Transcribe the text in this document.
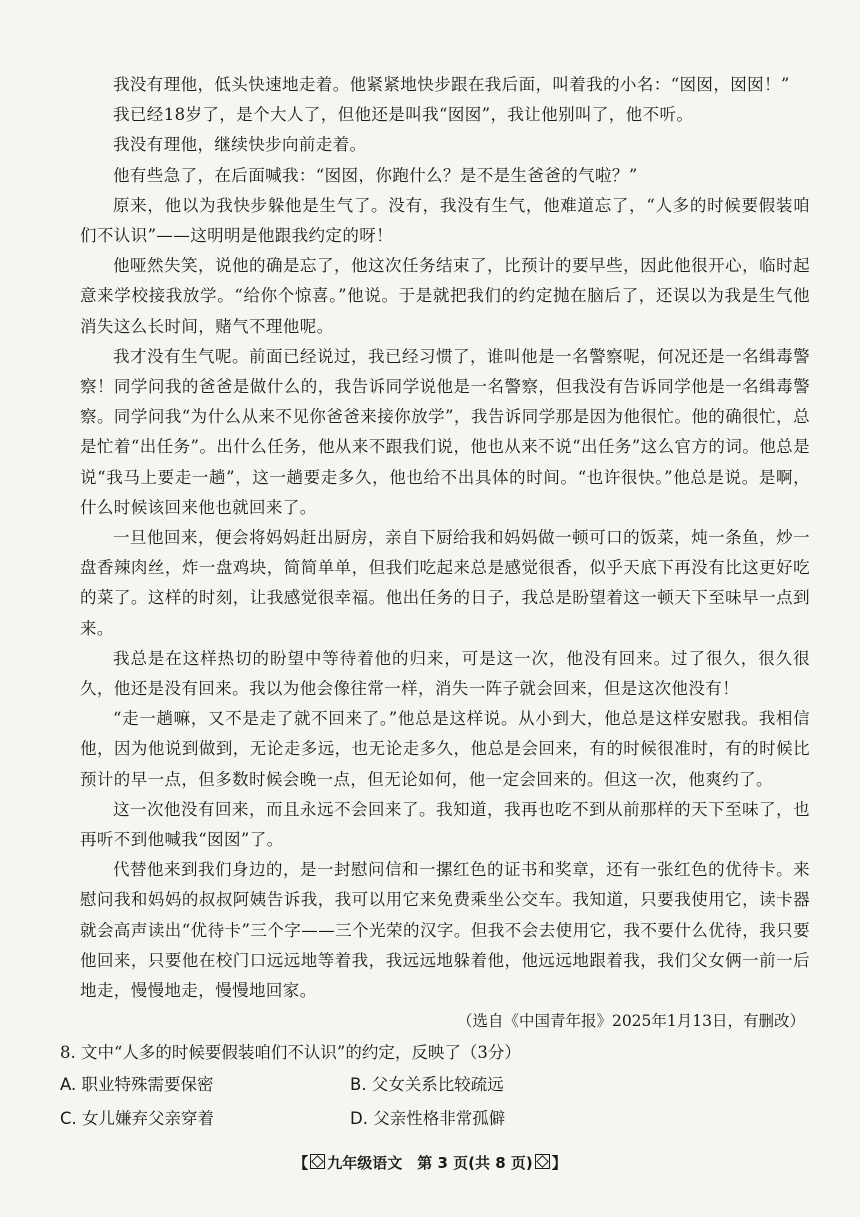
我没有理他，低头快速地走着。他紧紧地快步跟在我后面，叫着我的小名：“囡囡，囡囡！”

我已经18岁了，是个大人了，但他还是叫我“囡囡”，我让他别叫了，他不听。

我没有理他，继续快步向前走着。

他有些急了，在后面喊我：“囡囡，你跑什么？是不是生爸爸的气啦？”

原来，他以为我快步躲他是生气了。没有，我没有生气，他难道忘了，“人多的时候要假装咱们不认识”——这明明是他跟我约定的呀！

他哑然失笑，说他的确是忘了，他这次任务结束了，比预计的要早些，因此他很开心，临时起意来学校接我放学。“给你个惊喜。”他说。于是就把我们的约定抛在脑后了，还误以为我是生气他消失这么长时间，赌气不理他呢。

我才没有生气呢。前面已经说过，我已经习惯了，谁叫他是一名警察呢，何况还是一名缉毒警察！同学问我的爸爸是做什么的，我告诉同学说他是一名警察，但我没有告诉同学他是一名缉毒警察。同学问我“为什么从来不见你爸爸来接你放学”，我告诉同学那是因为他很忙。他的确很忙，总是忙着“出任务”。出什么任务，他从来不跟我们说，他也从来不说“出任务”这么官方的词。他总是说“我马上要走一趟”，这一趟要走多久，他也给不出具体的时间。“也许很快。”他总是说。是啊，什么时候该回来他也就回来了。

一旦他回来，便会将妈妈赶出厨房，亲自下厨给我和妈妈做一顿可口的饭菜，炖一条鱼，炒一盘香辣肉丝，炸一盘鸡块，简简单单，但我们吃起来总是感觉很香，似乎天底下再没有比这更好吃的菜了。这样的时刻，让我感觉很幸福。他出任务的日子，我总是盼望着这一顿天下至味早一点到来。

我总是在这样热切的盼望中等待着他的归来，可是这一次，他没有回来。过了很久，很久很久，他还是没有回来。我以为他会像往常一样，消失一阵子就会回来，但是这次他没有！

“走一趟嘛，又不是走了就不回来了。”他总是这样说。从小到大，他总是这样安慰我。我相信他，因为他说到做到，无论走多远，也无论走多久，他总是会回来，有的时候很准时，有的时候比预计的早一点，但多数时候会晚一点，但无论如何，他一定会回来的。但这一次，他爽约了。

这一次他没有回来，而且永远不会回来了。我知道，我再也吃不到从前那样的天下至味了，也再听不到他喊我“囡囡”了。

代替他来到我们身边的，是一封慰问信和一摞红色的证书和奖章，还有一张红色的优待卡。来慰问我和妈妈的叔叔阿姨告诉我，我可以用它来免费乘坐公交车。我知道，只要我使用它，读卡器就会高声读出“优待卡”三个字——三个光荣的汉字。但我不会去使用它，我不要什么优待，我只要他回来，只要他在校门口远远地等着我，我远远地躲着他，他远远地跟着我，我们父女俩一前一后地走，慢慢地走，慢慢地回家。

（选自《中国青年报》2025年1月13日，有删改）
8. 文中“人多的时候要假装咱们不认识”的约定，反映了（3分）
A. 职业特殊需要保密	B. 父女关系比较疏远
C. 女儿嫌弃父亲穿着	D. 父亲性格非常孤僻
【 九年级语文　第 3 页(共 8 页) 】
